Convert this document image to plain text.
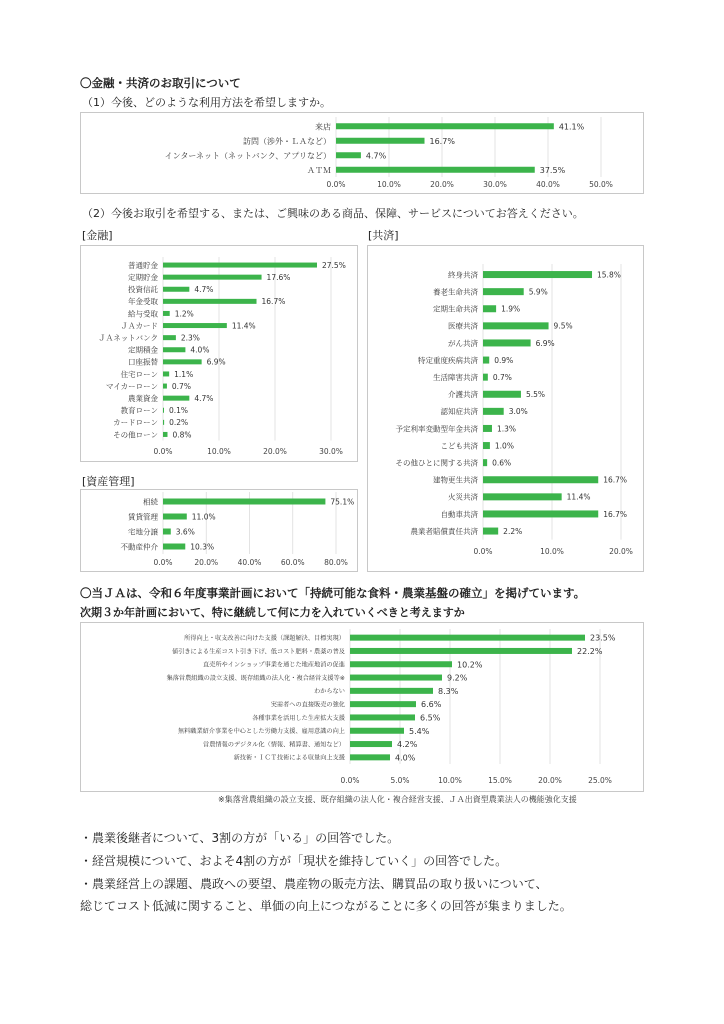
〇金融・共済のお取引について
（1）今後、どのような利用方法を希望しますか。
0.0%	10.0%	20.0%	30.0%	40.0%	50.0%
来店	41.1%
訪問（渉外・ＬＡなど）	16.7%
インターネット（ネットバンク、アプリなど）	4.7%
ＡＴＭ	37.5%
（2）今後お取引を希望する、または、ご興味のある商品、保障、サービスについてお答えください。
[金融]	[共済]
0.0%	10.0%	20.0%	30.0%
普通貯金	27.5%
定期貯金	17.6%
投資信託	4.7%
年金受取	16.7%
給与受取 1.2%
ＪＡカード	11.4%
ＪＡネットバンク	2.3%
定期積金	4.0%
口座振替	6.9%
住宅ローン 1.1%
マイカーローン 0.7%
農業資金	4.7%
教育ローン 0.1%
カードローン 0.2%
その他ローン 0.8%
0.0%	10.0%	20.0%
終身共済	15.8%
養老生命共済	5.9%
定期生命共済	1.9%
医療共済	9.5%
がん共済	6.9%
特定重度疾病共済 0.9%
生活障害共済 0.7%
介護共済	5.5%
認知症共済	3.0%
予定利率変動型年金共済	1.3%
こども共済 1.0%
その他ひとに関する共済 0.6%
建物更生共済	16.7%
火災共済	11.4%
自動車共済	16.7%
農業者賠償責任共済	2.2%
[資産管理]
0.0%	20.0%	40.0%	60.0%	80.0%
相続	75.1%
賃貸管理	11.0%
宅地分譲 3.6%
不動産仲介	10.3%
〇当ＪＡは、令和６年度事業計画において「持続可能な食料・農業基盤の確立」を掲げています。
次期３か年計画において、特に継続して何に力を入れていくべきと考えますか
0.0%	5.0%	10.0%	15.0%	20.0%	25.0%
所得向上・収支改善に向けた支援（課題解決、目標実現）	23.5%
値引きによる生産コスト引き下げ、低コスト肥料・農薬の普及	22.2%
直売所やインショップ事業を通じた地産地消の促進	10.2%
集落営農組織の設立支援、既存組織の法人化・複合経営支援等※	9.2%
わからない	8.3%
実需者への直接販売の強化	6.6%
各種事業を活用した生産拡大支援	6.5%
無料職業紹介事業を中心とした労働力支援、雇用意識の向上	5.4%
営農情報のデジタル化（情報、精算書、通知など）	4.2%
新技術・ＩＣＴ技術による収量向上支援	4.0%
※集落営農組織の設立支援、既存組織の法人化・複合経営支援、ＪＡ出資型農業法人の機能強化支援
・農業後継者について、3割の方が「いる」の回答でした。
・経営規模について、およそ4割の方が「現状を維持していく」の回答でした。
・農業経営上の課題、農政への要望、農産物の販売方法、購買品の取り扱いについて、
総じてコスト低減に関すること、単価の向上につながることに多くの回答が集まりました。
